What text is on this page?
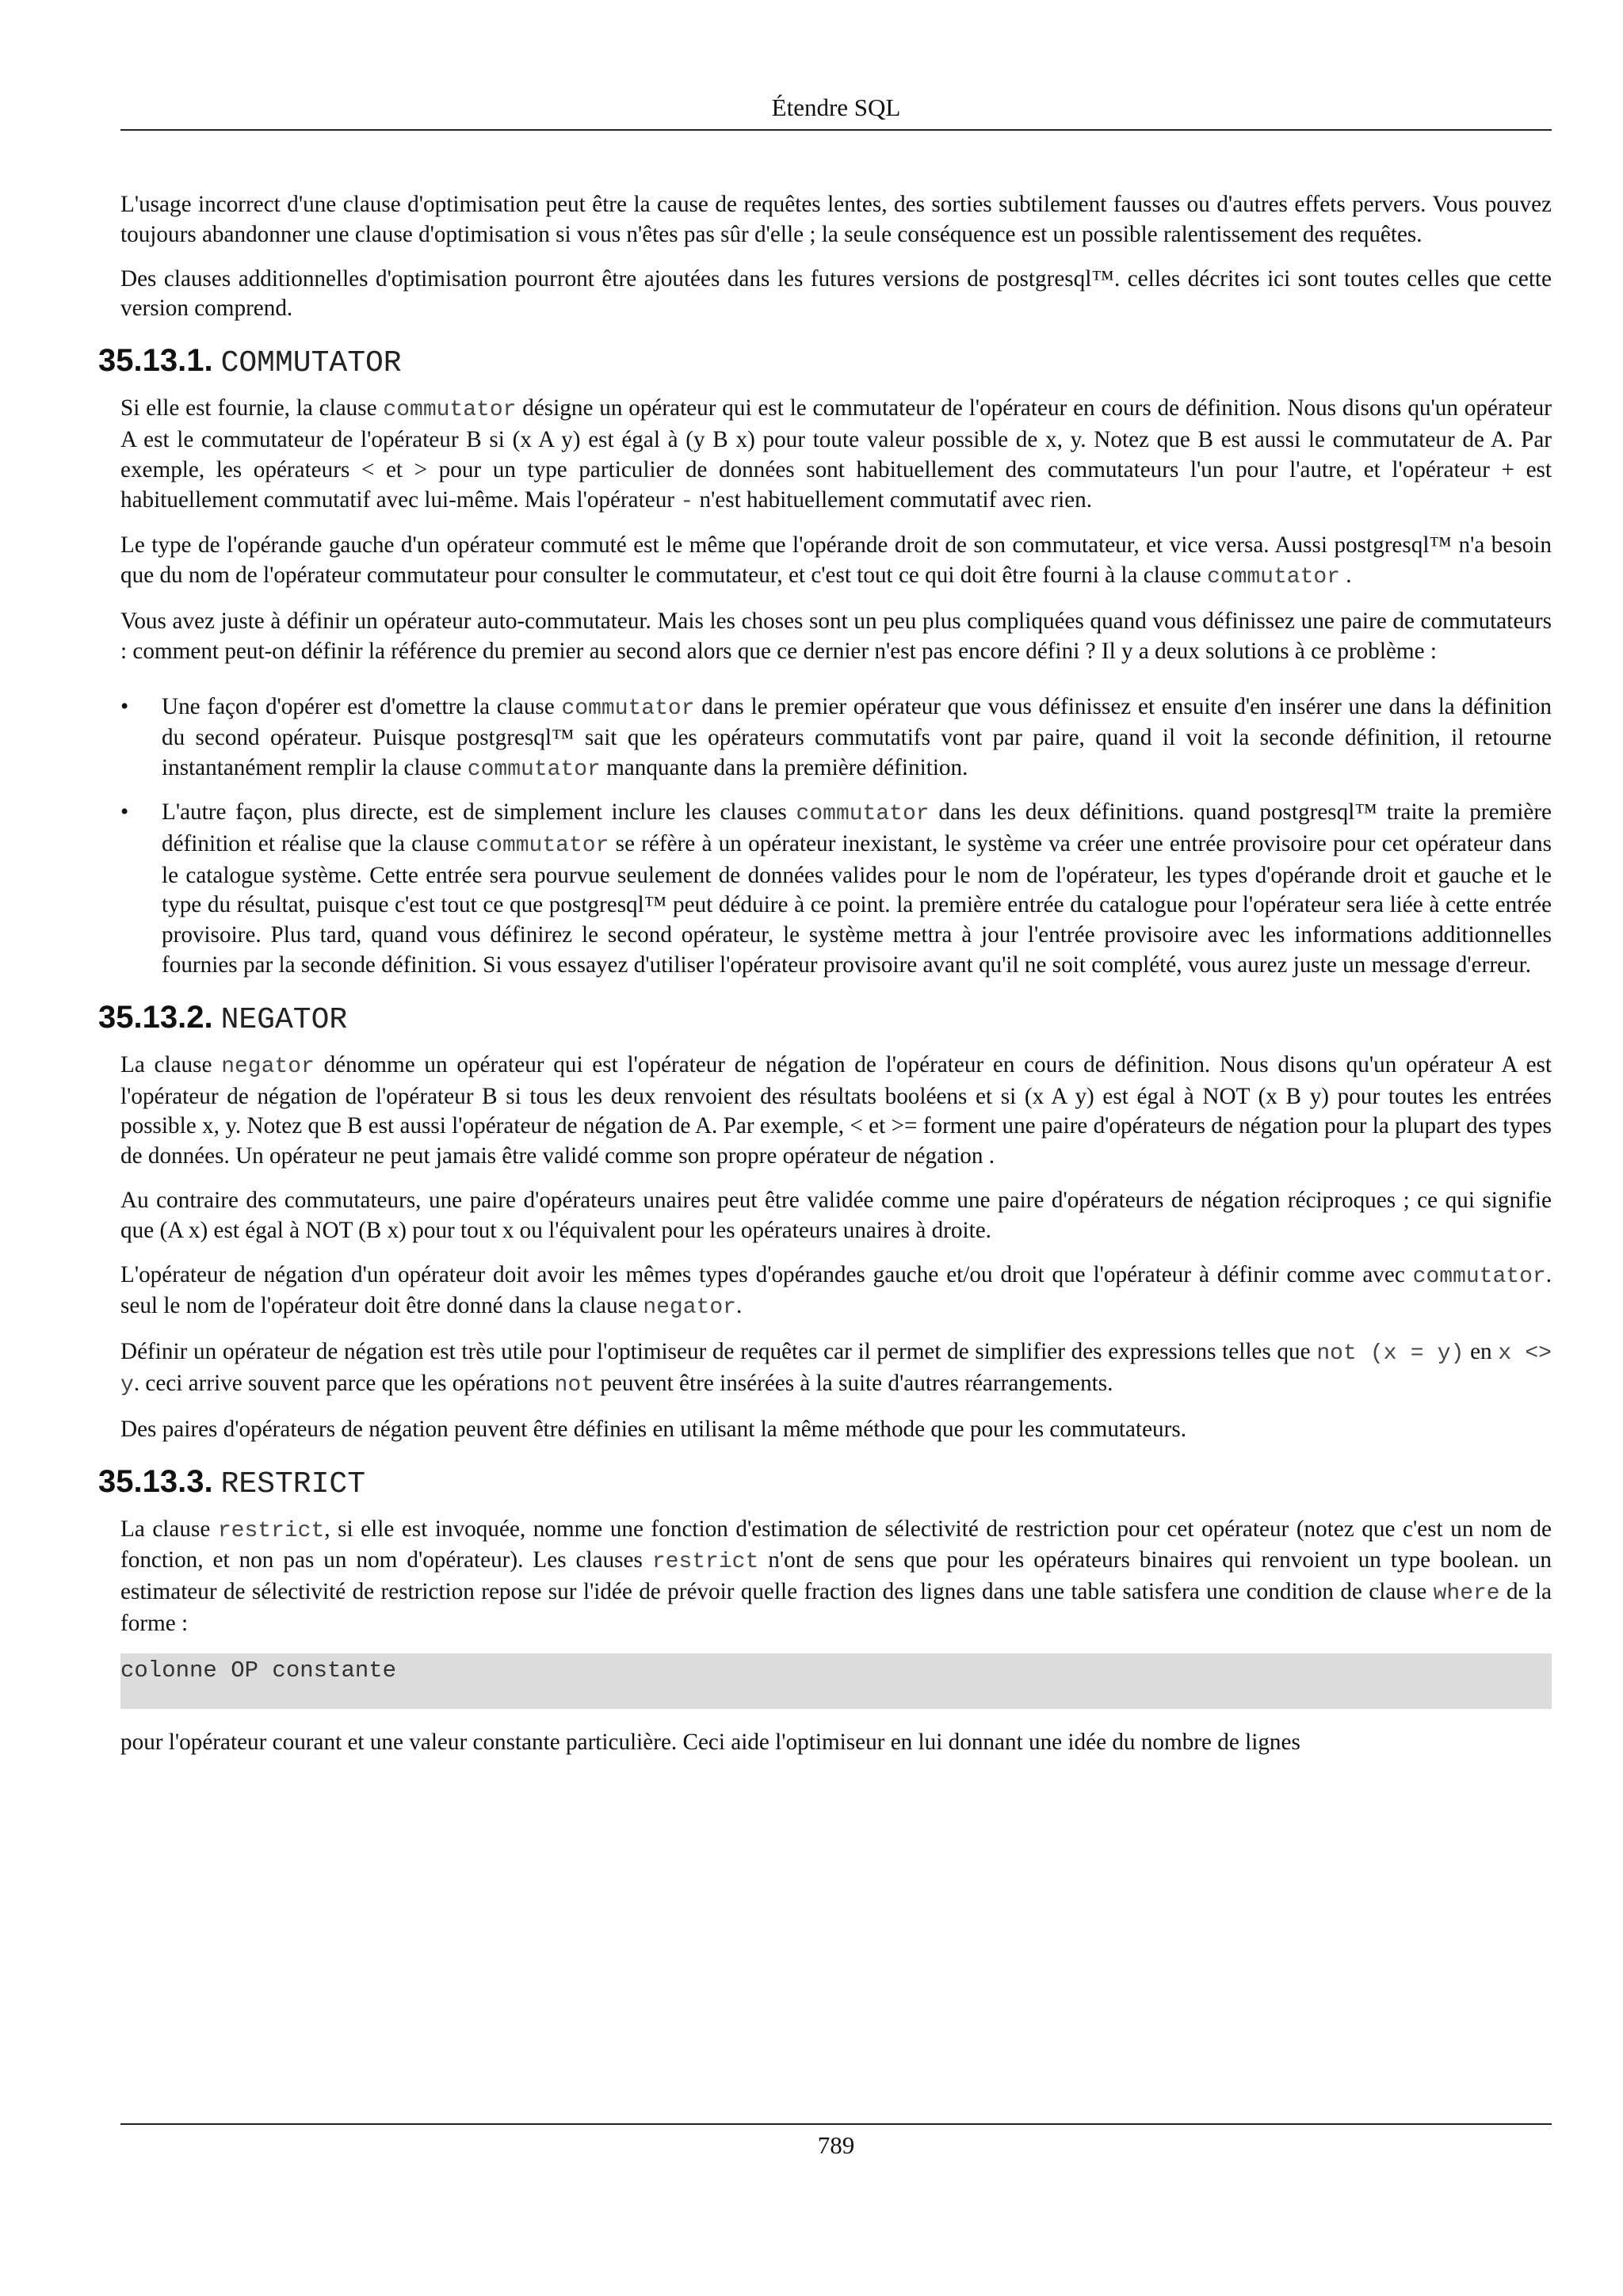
Étendre SQL

L'usage incorrect d'une clause d'optimisation peut être la cause de requêtes lentes, des sorties subtilement fausses ou d'autres effets pervers. Vous pouvez toujours abandonner une clause d'optimisation si vous n'êtes pas sûr d'elle ; la seule conséquence est un possible ralentissement des requêtes.

Des clauses additionnelles d'optimisation pourront être ajoutées dans les futures versions de postgresql™. celles décrites ici sont toutes celles que cette version comprend.

35.13.1. COMMUTATOR

Si elle est fournie, la clause commutator désigne un opérateur qui est le commutateur de l'opérateur en cours de définition. Nous disons qu'un opérateur A est le commutateur de l'opérateur B si (x A y) est égal à (y B x) pour toute valeur possible de x, y. Notez que B est aussi le commutateur de A. Par exemple, les opérateurs < et > pour un type particulier de données sont habituellement des commutateurs l'un pour l'autre, et l'opérateur + est habituellement commutatif avec lui-même. Mais l'opérateur - n'est habituellement commutatif avec rien.

Le type de l'opérande gauche d'un opérateur commuté est le même que l'opérande droit de son commutateur, et vice versa. Aussi postgresql™ n'a besoin que du nom de l'opérateur commutateur pour consulter le commutateur, et c'est tout ce qui doit être fourni à la clause commutator .

Vous avez juste à définir un opérateur auto-commutateur. Mais les choses sont un peu plus compliquées quand vous définissez une paire de commutateurs : comment peut-on définir la référence du premier au second alors que ce dernier n'est pas encore défini ? Il y a deux solutions à ce problème :

• Une façon d'opérer est d'omettre la clause commutator dans le premier opérateur que vous définissez et ensuite d'en insérer une dans la définition du second opérateur. Puisque postgresql™ sait que les opérateurs commutatifs vont par paire, quand il voit la seconde définition, il retourne instantanément remplir la clause commutator manquante dans la première définition.
• L'autre façon, plus directe, est de simplement inclure les clauses commutator dans les deux définitions. quand postgresql™ traite la première définition et réalise que la clause commutator se réfère à un opérateur inexistant, le système va créer une entrée provisoire pour cet opérateur dans le catalogue système. Cette entrée sera pourvue seulement de données valides pour le nom de l'opérateur, les types d'opérande droit et gauche et le type du résultat, puisque c'est tout ce que postgresql™ peut déduire à ce point. la première entrée du catalogue pour l'opérateur sera liée à cette entrée provisoire. Plus tard, quand vous définirez le second opérateur, le système mettra à jour l'entrée provisoire avec les informations additionnelles fournies par la seconde définition. Si vous essayez d'utiliser l'opérateur provisoire avant qu'il ne soit complété, vous aurez juste un message d'erreur.
35.13.2. NEGATOR

La clause negator dénomme un opérateur qui est l'opérateur de négation de l'opérateur en cours de définition. Nous disons qu'un opérateur A est l'opérateur de négation de l'opérateur B si tous les deux renvoient des résultats booléens et si (x A y) est égal à NOT (x B y) pour toutes les entrées possible x, y. Notez que B est aussi l'opérateur de négation de A. Par exemple, < et >= forment une paire d'opérateurs de négation pour la plupart des types de données. Un opérateur ne peut jamais être validé comme son propre opérateur de négation .

Au contraire des commutateurs, une paire d'opérateurs unaires peut être validée comme une paire d'opérateurs de négation réciproques ; ce qui signifie que (A x) est égal à NOT (B x) pour tout x ou l'équivalent pour les opérateurs unaires à droite.

L'opérateur de négation d'un opérateur doit avoir les mêmes types d'opérandes gauche et/ou droit que l'opérateur à définir comme avec commutator. seul le nom de l'opérateur doit être donné dans la clause negator.

Définir un opérateur de négation est très utile pour l'optimiseur de requêtes car il permet de simplifier des expressions telles que not (x = y) en x <> y. ceci arrive souvent parce que les opérations not peuvent être insérées à la suite d'autres réarrangements.

Des paires d'opérateurs de négation peuvent être définies en utilisant la même méthode que pour les commutateurs.

35.13.3. RESTRICT

La clause restrict, si elle est invoquée, nomme une fonction d'estimation de sélectivité de restriction pour cet opérateur (notez que c'est un nom de fonction, et non pas un nom d'opérateur). Les clauses restrict n'ont de sens que pour les opérateurs binaires qui renvoient un type boolean. un estimateur de sélectivité de restriction repose sur l'idée de prévoir quelle fraction des lignes dans une table satisfera une condition de clause where de la forme :

colonne OP constante

pour l'opérateur courant et une valeur constante particulière. Ceci aide l'optimiseur en lui donnant une idée du nombre de lignes

789
